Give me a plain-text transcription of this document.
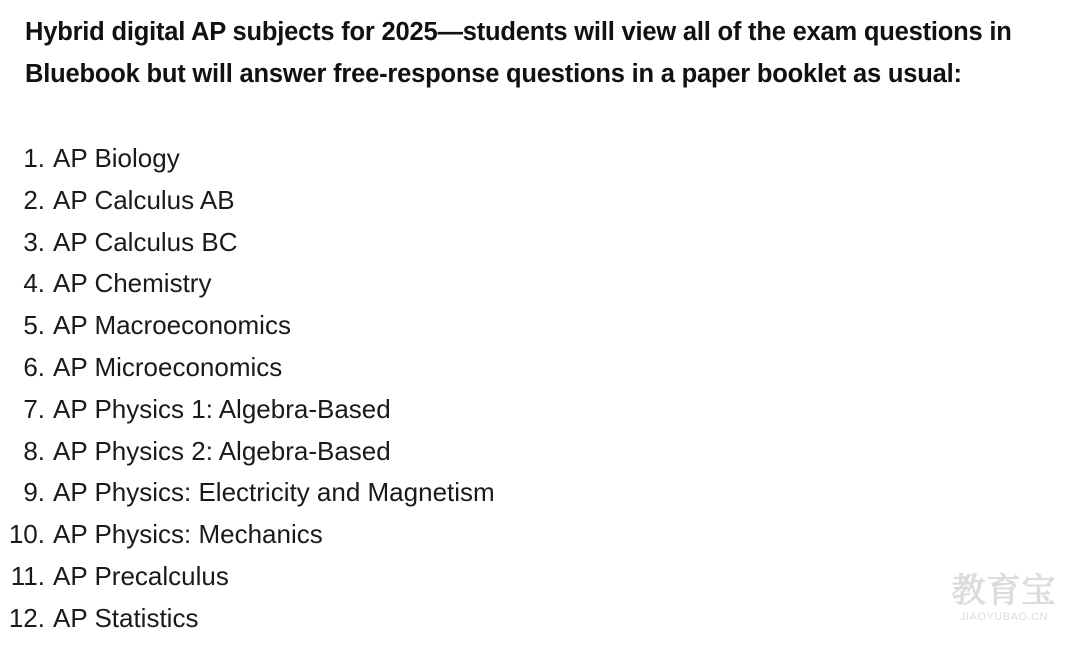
Hybrid digital AP subjects for 2025—students will view all of the exam questions in Bluebook but will answer free-response questions in a paper booklet as usual:
1. AP Biology
2. AP Calculus AB
3. AP Calculus BC
4. AP Chemistry
5. AP Macroeconomics
6. AP Microeconomics
7. AP Physics 1: Algebra-Based
8. AP Physics 2: Algebra-Based
9. AP Physics: Electricity and Magnetism
10. AP Physics: Mechanics
11. AP Precalculus
12. AP Statistics
教育宝
JIAOYUBAO.CN
